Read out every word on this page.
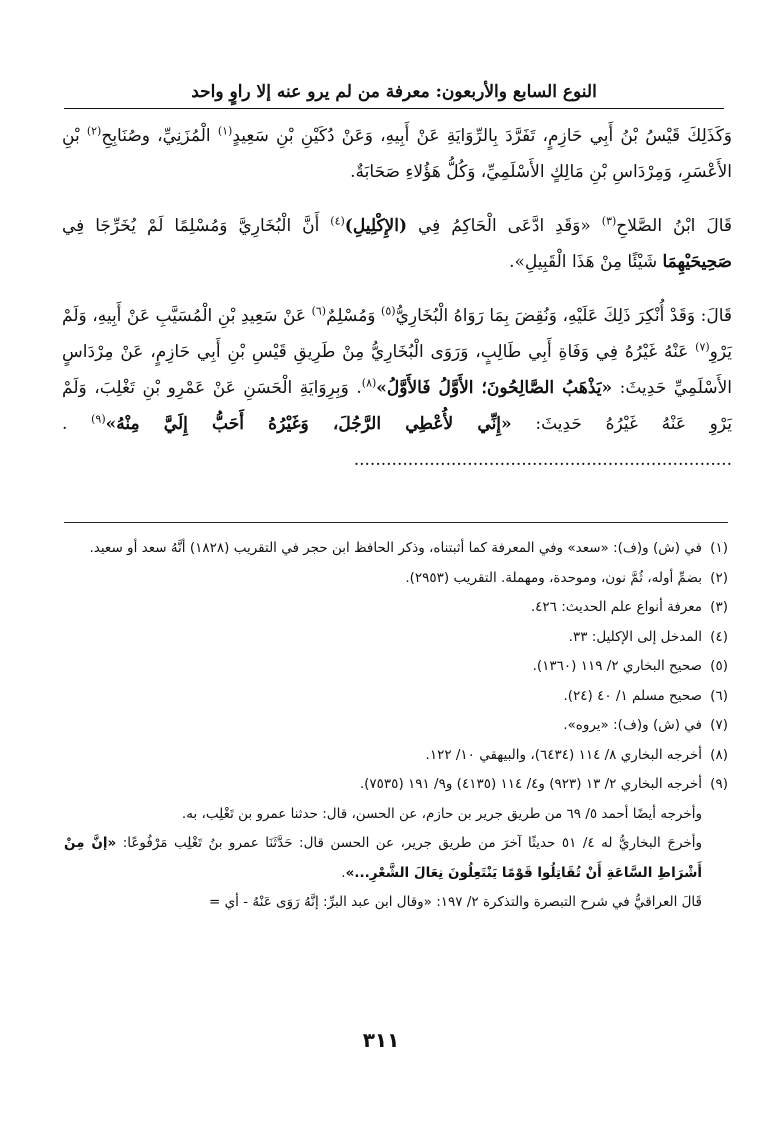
النوع السابع والأربعون: معرفة من لم يرو عنه إلا راوٍ واحد

وَكَذَلِكَ قَيْسُ بْنُ أَبِي حَازِمٍ، تَفَرَّدَ بِالرِّوَايَةِ عَنْ أَبِيهِ، وَعَنْ دُكَيْنِ بْنِ سَعِيدٍ$^{(١)}$ الْمُزَنِيِّ، وصُنَابِحِ$^{(٢)}$ بْنِ الأَعْسَرِ، وَمِرْدَاسِ بْنِ مَالِكٍ الأَسْلَمِيِّ، وَكُلُّ هَؤُلاءِ صَحَابَةٌ.

قَالَ ابْنُ الصَّلاحِ$^{(٣)}$ «وَقَدِ ادَّعَى الْحَاكِمُ فِي (الإِكْلِيلِ)$^{(٤)}$ أَنَّ الْبُخَارِيَّ وَمُسْلِمًا لَمْ يُخَرِّجَا فِي صَحِيحَيْهِمَا شَيْئًا مِنْ هَذَا الْقَبِيلِ».

قَالَ: وَقَدْ أُنْكِرَ ذَلِكَ عَلَيْهِ، وَنُقِضَ بِمَا رَوَاهُ الْبُخَارِيُّ$^{(٥)}$ وَمُسْلِمٌ$^{(٦)}$ عَنْ سَعِيدِ بْنِ الْمُسَيَّبِ عَنْ أَبِيهِ، وَلَمْ يَرْوِ$^{(٧)}$ عَنْهُ غَيْرُهُ فِي وَفَاةِ أَبِي طَالِبٍ، وَرَوَى الْبُخَارِيُّ مِنْ طَرِيقِ قَيْسِ بْنِ أَبِي حَازِمٍ، عَنْ مِرْدَاسٍ الأَسْلَمِيِّ حَدِيثَ: «يَذْهَبُ الصَّالِحُونَ؛ الأَوَّلُ فَالأَوَّلُ»$^{(٨)}$. وَبِرِوَايَةِ الْحَسَنِ عَنْ عَمْرِو بْنِ تَغْلِبَ، وَلَمْ يَرْوِ عَنْهُ غَيْرُهُ حَدِيثَ: «إِنِّي لأُعْطِي الرَّجُلَ، وَغَيْرُهُ أَحَبُّ إِلَيَّ مِنْهُ»$^{(٩)}$ . ......................................................................

(١)في (ش) و(ف): «سعد» وفي المعرفة كما أثبتناه، وذكر الحافظ ابن حجر في التقريب (١٨٢٨) أنَّهُ سعد أو سعيد.

(٢)بضمِّ أوله، ثُمَّ نون، وموحدة، ومهملة. التقريب (٢٩٥٣).

(٣)معرفة أنواع علم الحديث: ٤٢٦.

(٤)المدخل إلى الإكليل: ٣٣.

(٥)صحيح البخاري ٢/ ١١٩ (١٣٦٠).

(٦)صحيح مسلم ١/ ٤٠ (٢٤).

(٧)في (ش) و(ف): «يروه».

(٨)أخرجه البخاري ٨/ ١١٤ (٦٤٣٤)، والبيهقي ١٠/ ١٢٢.

(٩)أخرجه البخاري ٢/ ١٣ (٩٢٣) و٤/ ١١٤ (٤١٣٥) و٩/ ١٩١ (٧٥٣٥).

وأخرجه أيضًا أحمد ٥/ ٦٩ من طريق جرير بن حازم، عن الحسن، قال: حدثنا عمرو بن تَغْلِب، به.

وأخرجَ البخاريُّ له ٤/ ٥١ حديثًا آخرَ من طريق جرير، عن الحسن قال: حَدَّثَنَا عمرو بنُ تَغْلِب مَرْفُوعًا: «إنَّ مِنْ أَشْرَاطِ السَّاعَةِ أَنْ تُقَاتِلُوا قَوْمًا يَنْتَعِلُونَ نِعَالَ الشَّعْرِ...».

قَالَ العراقيُّ في شرح التبصرة والتذكرة ٢/ ١٩٧: «وقال ابن عبد البرِّ: إنَّهُ رَوَى عَنْهُ - أي =

٣١١
